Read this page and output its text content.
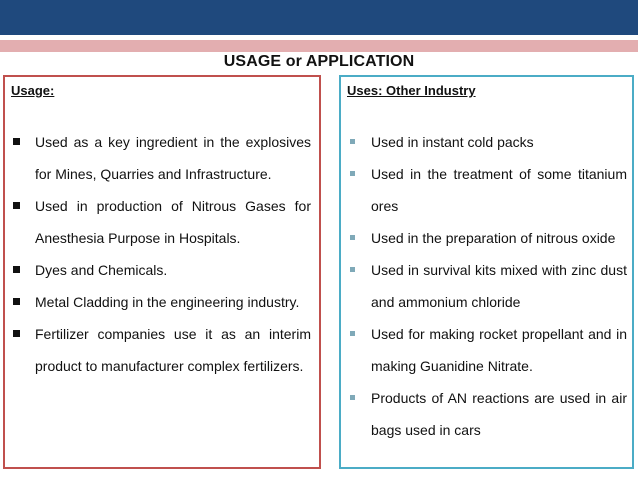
USAGE or APPLICATION
Usage:
Used as a key ingredient in the explosives for Mines, Quarries and Infrastructure.
Used in production of Nitrous Gases for Anesthesia Purpose in Hospitals.
Dyes and Chemicals.
Metal Cladding in the engineering industry.
Fertilizer companies use it as an interim product to manufacturer complex fertilizers.
Uses: Other Industry
Used in instant cold packs
Used in the treatment of some titanium ores
Used in the preparation of nitrous oxide
Used in survival kits mixed with zinc dust and ammonium chloride
Used for making rocket propellant and in making Guanidine Nitrate.
Products of AN reactions are used in air bags used in cars
